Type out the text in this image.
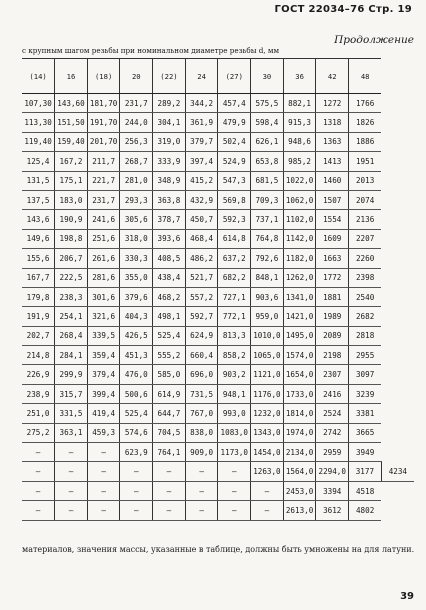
ГОСТ 22034–76 Стр. 19
Продолжение
с крупным шагом резьбы при номинальном диаметре резьбы d, мм
(14)	16	(18)	20	(22)	24	(27)	30	36	42	48	
107,30	143,60	181,70	231,7	289,2	344,2	457,4	575,5	882,1	1272	1766	
113,30	151,50	191,70	244,0	304,1	361,9	479,9	598,4	915,3	1318	1826	
119,40	159,40	201,70	256,3	319,0	379,7	502,4	626,1	948,6	1363	1886	
125,4	167,2	211,7	268,7	333,9	397,4	524,9	653,8	985,2	1413	1951	
131,5	175,1	221,7	281,0	348,9	415,2	547,3	681,5	1022,0	1460	2013	
137,5	183,0	231,7	293,3	363,8	432,9	569,8	709,3	1062,0	1507	2074	
143,6	190,9	241,6	305,6	378,7	450,7	592,3	737,1	1102,0	1554	2136	
149,6	198,8	251,6	318,0	393,6	468,4	614,8	764,8	1142,0	1609	2207	
155,6	206,7	261,6	330,3	408,5	486,2	637,2	792,6	1182,0	1663	2260	
167,7	222,5	281,6	355,0	438,4	521,7	682,2	848,1	1262,0	1772	2398	
179,8	238,3	301,6	379,6	468,2	557,2	727,1	903,6	1341,0	1881	2540	
191,9	254,1	321,6	404,3	498,1	592,7	772,1	959,0	1421,0	1989	2682	
202,7	268,4	339,5	426,5	525,4	624,9	813,3	1010,0	1495,0	2089	2818	
214,8	284,1	359,4	451,3	555,2	660,4	858,2	1065,0	1574,0	2198	2955	
226,9	299,9	379,4	476,0	585,0	696,0	903,2	1121,0	1654,0	2307	3097	
238,9	315,7	399,4	500,6	614,9	731,5	948,1	1176,0	1733,0	2416	3239	
251,0	331,5	419,4	525,4	644,7	767,0	993,0	1232,0	1814,0	2524	3381	
275,2	363,1	459,3	574,6	704,5	838,0	1083,0	1343,0	1974,0	2742	3665	
—	—	—	623,9	764,1	909,0	1173,0	1454,0	2134,0	2959	3949	
—	—	—	—	—	—	—	1263,0	1564,0	2294,0	3177	4234
—	—	—	—	—	—	—	—	2453,0	3394	4518	
—	—	—	—	—	—	—	—	2613,0	3612	4802	
материалов, значения массы, указанные в таблице, должны быть умножены на для латуни.
39
